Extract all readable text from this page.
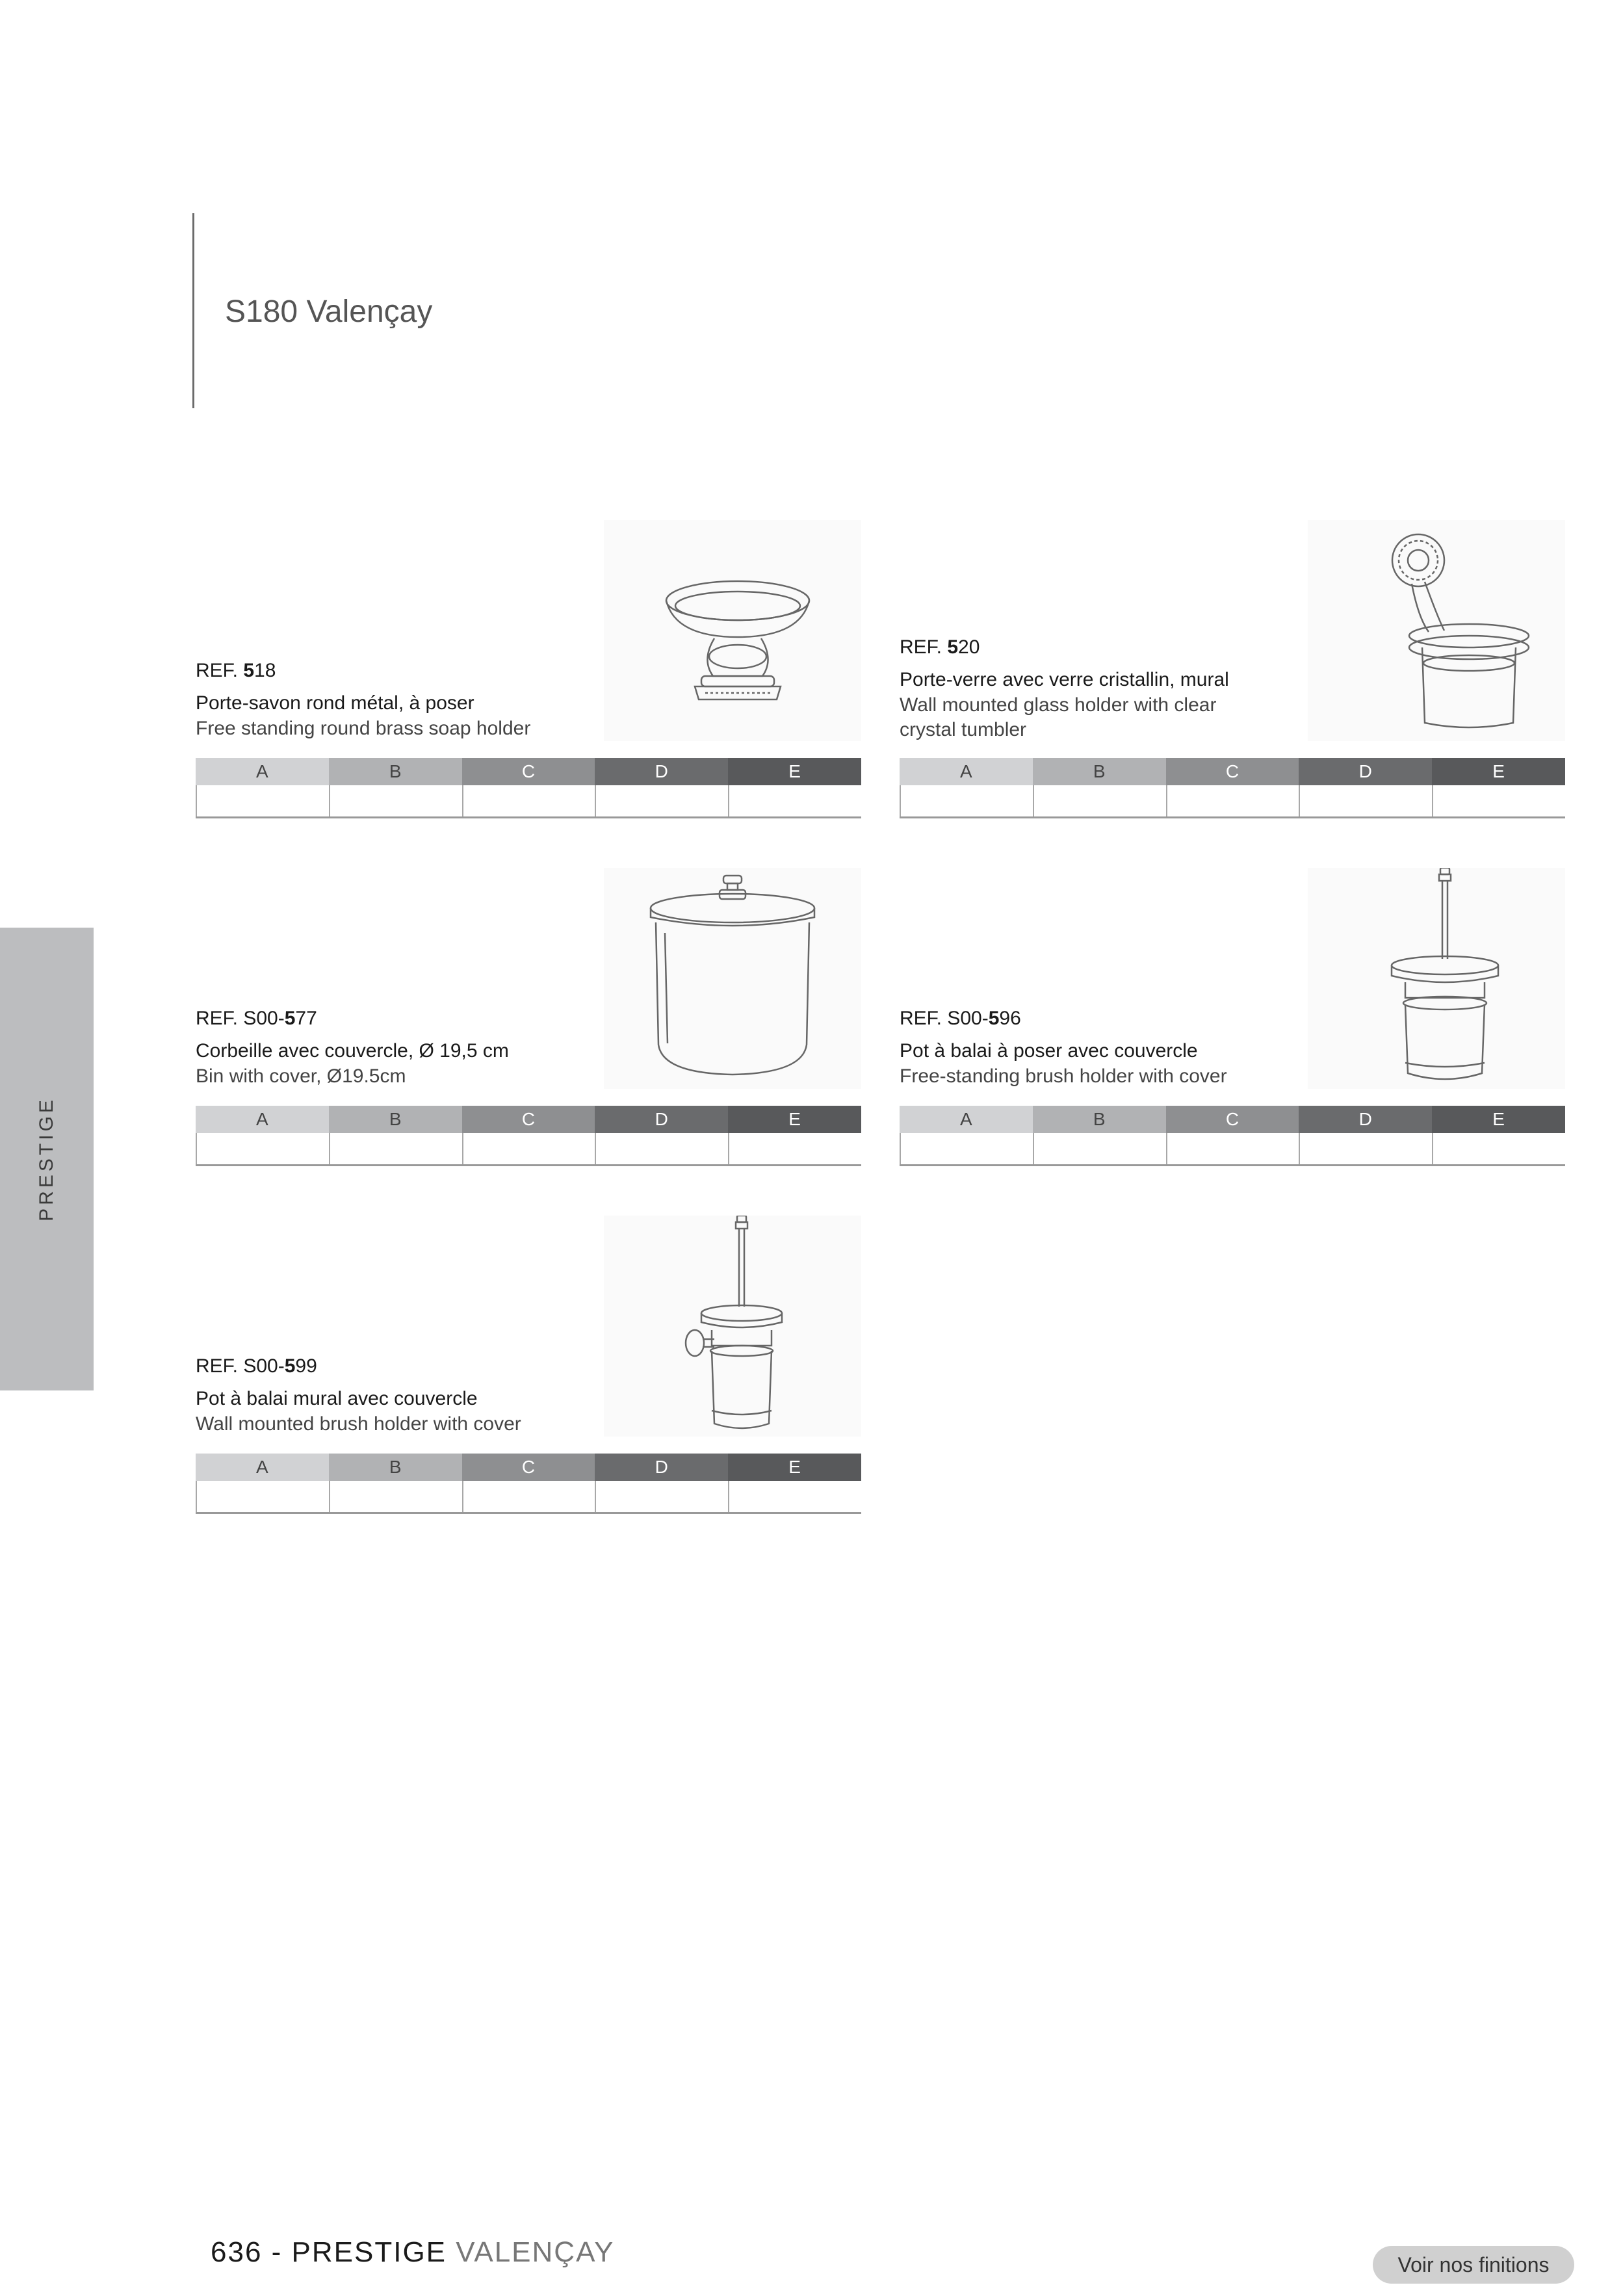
S180 Valençay
PRESTIGE
REF. 518
Porte-savon rond métal, à poser
Free standing round brass soap holder
A	B	C	D	E
REF. 520
Porte-verre avec verre cristallin, mural
Wall mounted glass holder with clear crystal tumbler
A	B	C	D	E
REF. S00-577
Corbeille avec couvercle, Ø 19,5 cm
Bin with cover, Ø19.5cm
A	B	C	D	E
REF. S00-596
Pot à balai à poser avec couvercle
Free-standing brush holder with cover
A	B	C	D	E
REF. S00-599
Pot à balai mural avec couvercle
Wall mounted brush holder with cover
A	B	C	D	E
636 - PRESTIGE VALENÇAY	Voir nos finitions
